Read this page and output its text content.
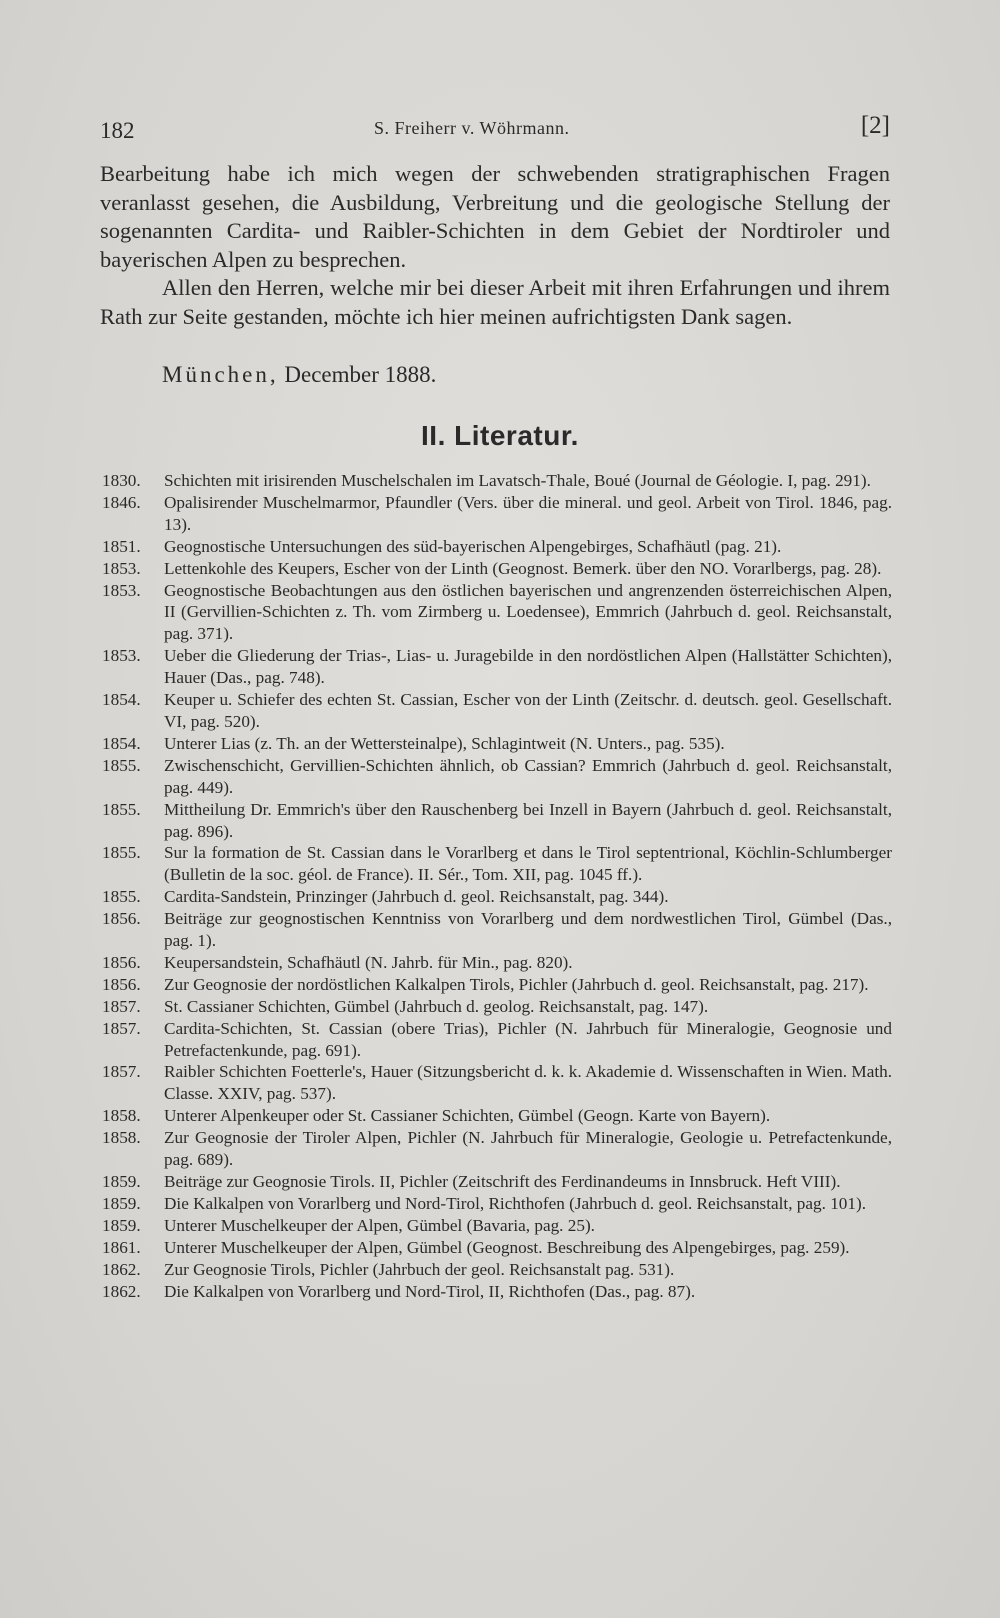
182	S. Freiherr v. Wöhrmann.	[2]

Bearbeitung habe ich mich wegen der schwebenden stratigraphischen Fragen veranlasst gesehen, die Ausbildung, Verbreitung und die geologische Stellung der sogenannten Cardita- und Raibler-Schichten in dem Gebiet der Nordtiroler und bayerischen Alpen zu besprechen.

Allen den Herren, welche mir bei dieser Arbeit mit ihren Erfahrungen und ihrem Rath zur Seite gestanden, möchte ich hier meinen aufrichtigsten Dank sagen.

München, December 1888.
II. Literatur.
1830. Schichten mit irisirenden Muschelschalen im Lavatsch-Thale, Boué (Journal de Géologie. I, pag. 291).
1846. Opalisirender Muschelmarmor, Pfaundler (Vers. über die mineral. und geol. Arbeit von Tirol. 1846, pag. 13).
1851. Geognostische Untersuchungen des süd-bayerischen Alpengebirges, Schafhäutl (pag. 21).
1853. Lettenkohle des Keupers, Escher von der Linth (Geognost. Bemerk. über den NO. Vorarlbergs, pag. 28).
1853. Geognostische Beobachtungen aus den östlichen bayerischen und angrenzenden österreichischen Alpen, II (Gervillien-Schichten z. Th. vom Zirmberg u. Loedensee), Emmrich (Jahrbuch d. geol. Reichsanstalt, pag. 371).
1853. Ueber die Gliederung der Trias-, Lias- u. Juragebilde in den nordöstlichen Alpen (Hallstätter Schichten), Hauer (Das., pag. 748).
1854. Keuper u. Schiefer des echten St. Cassian, Escher von der Linth (Zeitschr. d. deutsch. geol. Gesellschaft. VI, pag. 520).
1854. Unterer Lias (z. Th. an der Wettersteinalpe), Schlagintweit (N. Unters., pag. 535).
1855. Zwischenschicht, Gervillien-Schichten ähnlich, ob Cassian? Emmrich (Jahrbuch d. geol. Reichsanstalt, pag. 449).
1855. Mittheilung Dr. Emmrich's über den Rauschenberg bei Inzell in Bayern (Jahrbuch d. geol. Reichsanstalt, pag. 896).
1855. Sur la formation de St. Cassian dans le Vorarlberg et dans le Tirol septentrional, Köchlin-Schlumberger (Bulletin de la soc. géol. de France). II. Sér., Tom. XII, pag. 1045 ff.).
1855. Cardita-Sandstein, Prinzinger (Jahrbuch d. geol. Reichsanstalt, pag. 344).
1856. Beiträge zur geognostischen Kenntniss von Vorarlberg und dem nordwestlichen Tirol, Gümbel (Das., pag. 1).
1856. Keupersandstein, Schafhäutl (N. Jahrb. für Min., pag. 820).
1856. Zur Geognosie der nordöstlichen Kalkalpen Tirols, Pichler (Jahrbuch d. geol. Reichsanstalt, pag. 217).
1857. St. Cassianer Schichten, Gümbel (Jahrbuch d. geolog. Reichsanstalt, pag. 147).
1857. Cardita-Schichten, St. Cassian (obere Trias), Pichler (N. Jahrbuch für Mineralogie, Geognosie und Petrefactenkunde, pag. 691).
1857. Raibler Schichten Foetterle's, Hauer (Sitzungsbericht d. k. k. Akademie d. Wissenschaften in Wien. Math. Classe. XXIV, pag. 537).
1858. Unterer Alpenkeuper oder St. Cassianer Schichten, Gümbel (Geogn. Karte von Bayern).
1858. Zur Geognosie der Tiroler Alpen, Pichler (N. Jahrbuch für Mineralogie, Geologie u. Petrefactenkunde, pag. 689).
1859. Beiträge zur Geognosie Tirols. II, Pichler (Zeitschrift des Ferdinandeums in Innsbruck. Heft VIII).
1859. Die Kalkalpen von Vorarlberg und Nord-Tirol, Richthofen (Jahrbuch d. geol. Reichsanstalt, pag. 101).
1859. Unterer Muschelkeuper der Alpen, Gümbel (Bavaria, pag. 25).
1861. Unterer Muschelkeuper der Alpen, Gümbel (Geognost. Beschreibung des Alpengebirges, pag. 259).
1862. Zur Geognosie Tirols, Pichler (Jahrbuch der geol. Reichsanstalt pag. 531).
1862. Die Kalkalpen von Vorarlberg und Nord-Tirol, II, Richthofen (Das., pag. 87).
